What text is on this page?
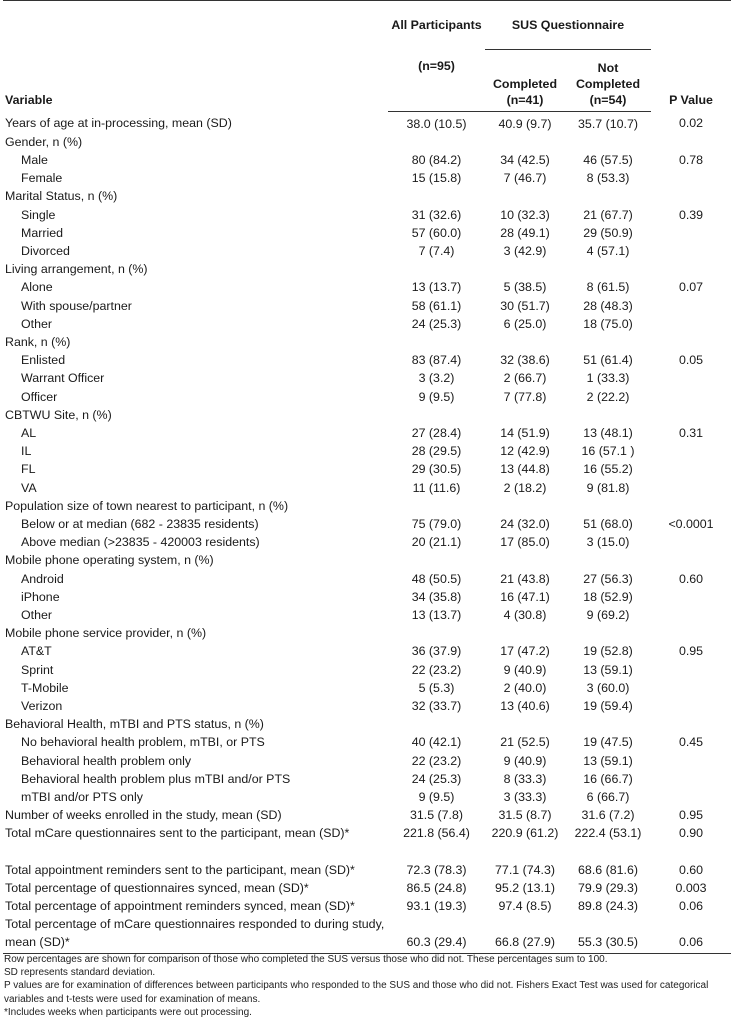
Variable	All Participants	SUS Questionnaire		P Value
	(n=95)	Completed (n=41)	Not Completed (n=54)	
Years of age at in-processing, mean (SD)	38.0 (10.5)	40.9 (9.7)	35.7 (10.7)	0.02
Gender, n (%)				
Male	80 (84.2)	34 (42.5)	46 (57.5)	0.78
Female	15 (15.8)	7 (46.7)	8 (53.3)	
Marital Status, n (%)				
Single	31 (32.6)	10 (32.3)	21 (67.7)	0.39
Married	57 (60.0)	28 (49.1)	29 (50.9)	
Divorced	7 (7.4)	3 (42.9)	4 (57.1)	
Living arrangement, n (%)				
Alone	13 (13.7)	5 (38.5)	8 (61.5)	0.07
With spouse/partner	58 (61.1)	30 (51.7)	28 (48.3)	
Other	24 (25.3)	6 (25.0)	18 (75.0)	
Rank, n (%)				
Enlisted	83 (87.4)	32 (38.6)	51 (61.4)	0.05
Warrant Officer	3 (3.2)	2 (66.7)	1 (33.3)	
Officer	9 (9.5)	7 (77.8)	2 (22.2)	
CBTWU Site, n (%)				
AL	27 (28.4)	14 (51.9)	13 (48.1)	0.31
IL	28 (29.5)	12 (42.9)	16 (57.1 )	
FL	29 (30.5)	13 (44.8)	16 (55.2)	
VA	11 (11.6)	2 (18.2)	9 (81.8)	
Population size of town nearest to participant, n (%)				
Below or at median (682 - 23835 residents)	75 (79.0)	24 (32.0)	51 (68.0)	<0.0001
Above median (>23835 - 420003 residents)	20 (21.1)	17 (85.0)	3 (15.0)	
Mobile phone operating system, n (%)				
Android	48 (50.5)	21 (43.8)	27 (56.3)	0.60
iPhone	34 (35.8)	16 (47.1)	18 (52.9)	
Other	13 (13.7)	4 (30.8)	9 (69.2)	
Mobile phone service provider, n (%)				
AT&T	36 (37.9)	17 (47.2)	19 (52.8)	0.95
Sprint	22 (23.2)	9 (40.9)	13 (59.1)	
T-Mobile	5 (5.3)	2 (40.0)	3 (60.0)	
Verizon	32 (33.7)	13 (40.6)	19 (59.4)	
Behavioral Health, mTBI and PTS status, n (%)				
No behavioral health problem, mTBI, or PTS	40 (42.1)	21 (52.5)	19 (47.5)	0.45
Behavioral health problem only	22 (23.2)	9 (40.9)	13 (59.1)	
Behavioral health problem plus mTBI and/or PTS	24 (25.3)	8 (33.3)	16 (66.7)	
mTBI and/or PTS only	9 (9.5)	3 (33.3)	6 (66.7)	
Number of weeks enrolled in the study, mean (SD)	31.5 (7.8)	31.5 (8.7)	31.6 (7.2)	0.95
Total mCare questionnaires sent to the participant, mean (SD)*	221.8 (56.4)	220.9 (61.2)	222.4 (53.1)	0.90
Total appointment reminders sent to the participant, mean (SD)*	72.3 (78.3)	77.1 (74.3)	68.6 (81.6)	0.60
Total percentage of questionnaires synced, mean (SD)*	86.5 (24.8)	95.2 (13.1)	79.9 (29.3)	0.003
Total percentage of appointment reminders synced, mean (SD)*	93.1 (19.3)	97.4 (8.5)	89.8 (24.3)	0.06
Total percentage of mCare questionnaires responded to during study, mean (SD)*	60.3 (29.4)	66.8 (27.9)	55.3 (30.5)	0.06

Row percentages are shown for comparison of those who completed the SUS versus those who did not. These percentages sum to 100.

SD represents standard deviation.

P values are for examination of differences between participants who responded to the SUS and those who did not. Fishers Exact Test was used for categorical variables and t-tests were used for examination of means.

*Includes weeks when participants were out processing.
